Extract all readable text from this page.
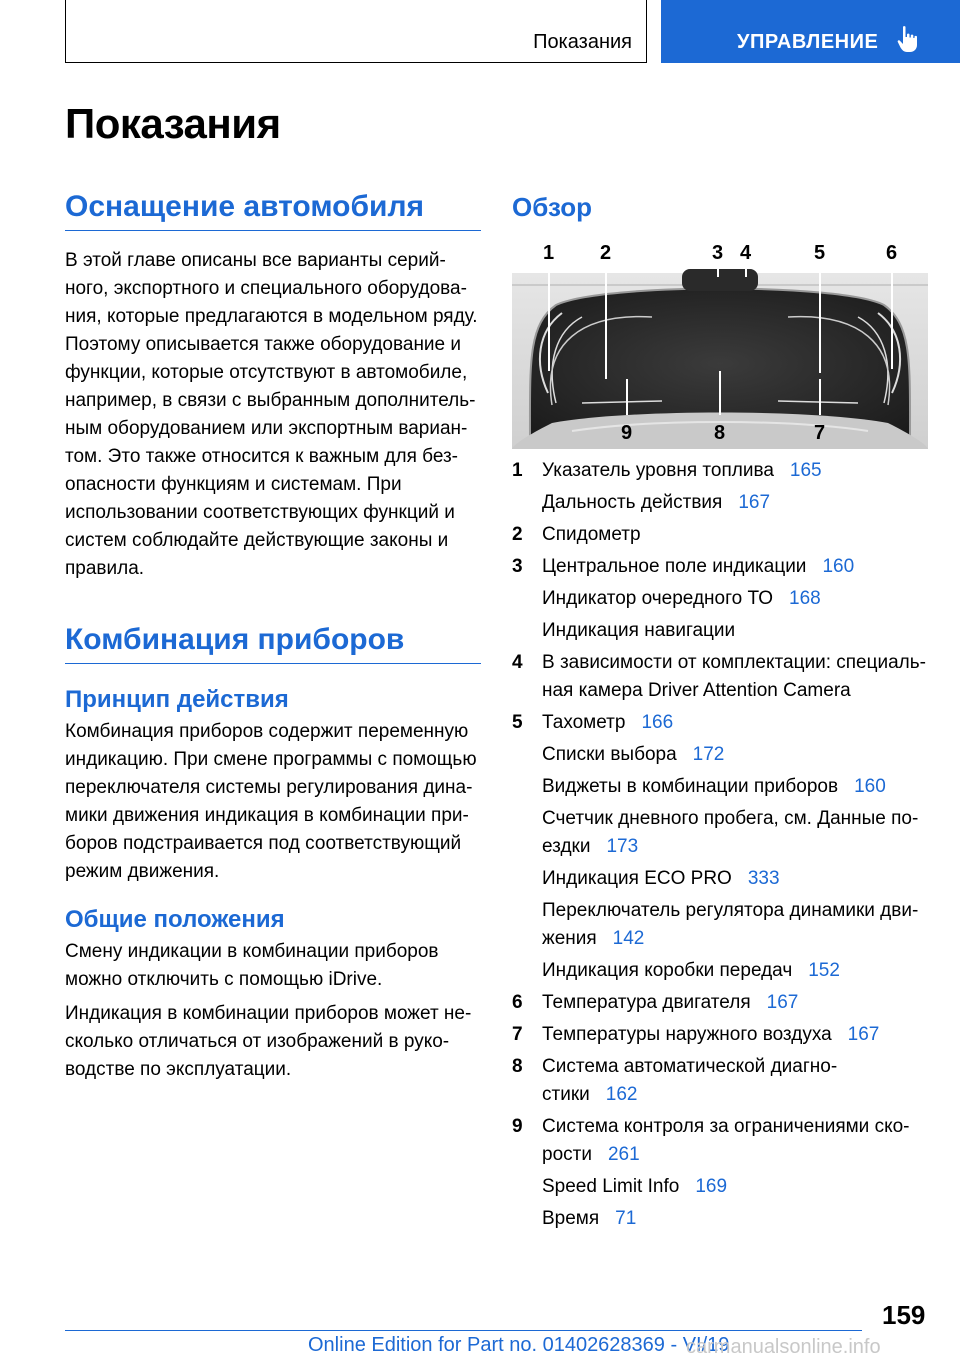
Показания	УПРАВЛЕНИЕ
Показания
Оснащение автомобиля

В этой главе описаны все варианты серий-ного, экспортного и специального оборудова-ния, которые предлагаются в модельном ряду. Поэтому описывается также оборудование и функции, которые отсутствуют в автомобиле, например, в связи с выбранным дополнитель-ным оборудованием или экспортным вариан-том. Это также относится к важным для без-опасности функциям и системам. При использовании соответствующих функций и систем соблюдайте действующие законы и правила.

Комбинация приборов
Принцип действия

Комбинация приборов содержит переменную индикацию. При смене программы с помощью переключателя системы регулирования дина-мики движения индикация в комбинации при-боров подстраивается под соответствующий режим движения.

Общие положения

Смену индикации в комбинации приборов можно отключить с помощью iDrive.

Индикация в комбинации приборов может не-сколько отличаться от изображений в руко-водстве по эксплуатации.

Обзор
1 2	3 4	5	6
7
8
9
1 Указатель уровня топлива 165
Дальность действия 167
2 Спидометр
3 Центральное поле индикации 160
Индикатор очередного ТО 168
Индикация навигации
4 В зависимости от комплектации: специаль-ная камера Driver Attention Camera
5 Тахометр 166
Списки выбора 172
Виджеты в комбинации приборов 160
Счетчик дневного пробега, см. Данные по-ездки 173
Индикация ECO PRO 333
Переключатель регулятора динамики дви-жения 142
Индикация коробки передач 152
6 Температура двигателя 167
7 Температуры наружного воздуха 167
8 Система автоматической диагно-стики 162
9 Система контроля за ограничениями ско-рости 261
Speed Limit Info 169
Время 71
159
Online Edition for Part no. 01402628369 - VI/19
carmanualsonline.info
